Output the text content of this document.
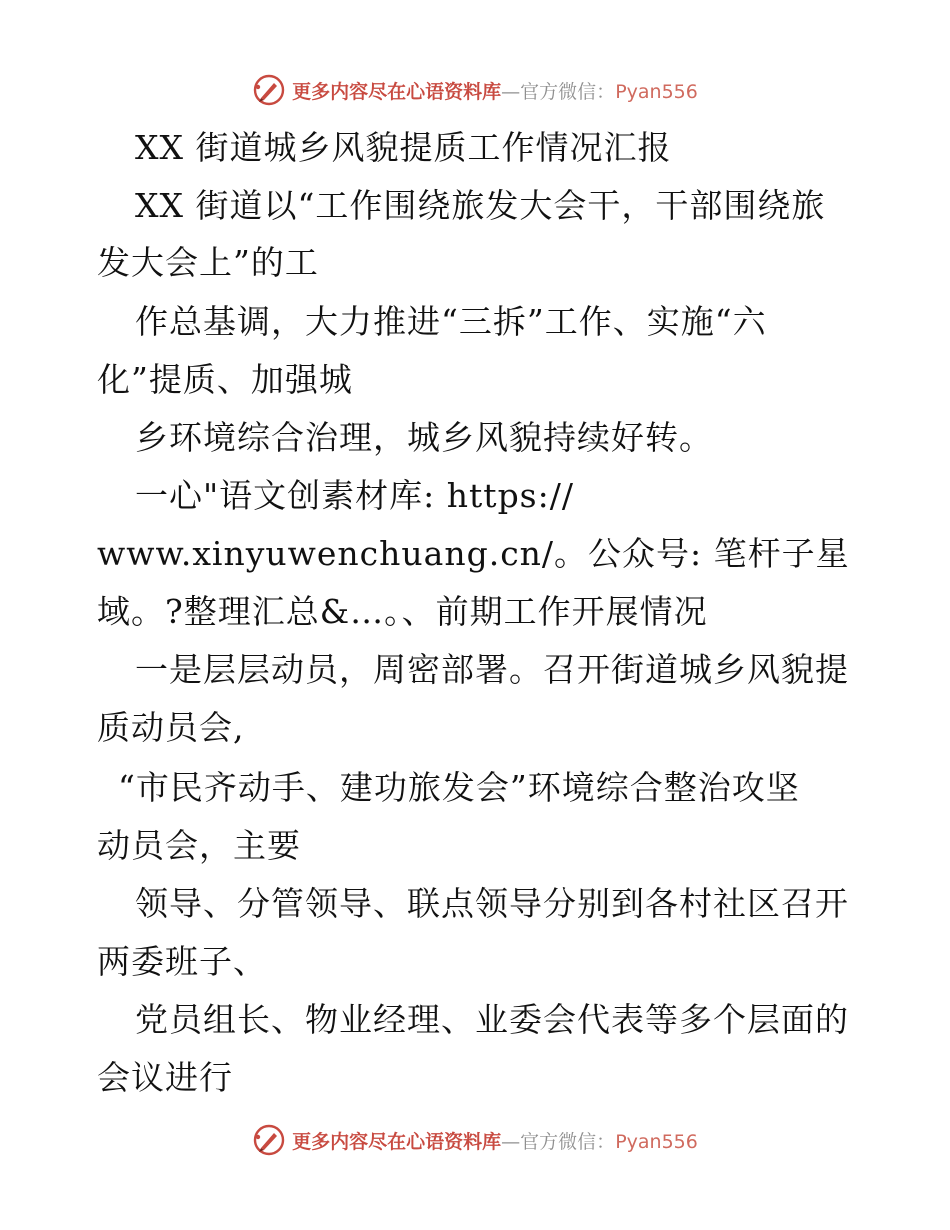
更多内容尽在心语资料库—官方微信：Pyan556
XX 街道城乡风貌提质工作情况汇报
XX 街道以“工作围绕旅发大会干，干部围绕旅
发大会上”的工
作总基调，大力推进“三拆”工作、实施“六
化”提质、加强城
乡环境综合治理，城乡风貌持续好转。
一心"语文创素材库: https://
www.xinyuwenchuang.cn/。公众号: 笔杆子星
域。?整理汇总&…。、前期工作开展情况
一是层层动员，周密部署。召开街道城乡风貌提
质动员会,
“市民齐动手、建功旅发会”环境综合整治攻坚
动员会，主要
领导、分管领导、联点领导分别到各村社区召开
两委班子、
党员组长、物业经理、业委会代表等多个层面的
会议进行
更多内容尽在心语资料库—官方微信：Pyan556
